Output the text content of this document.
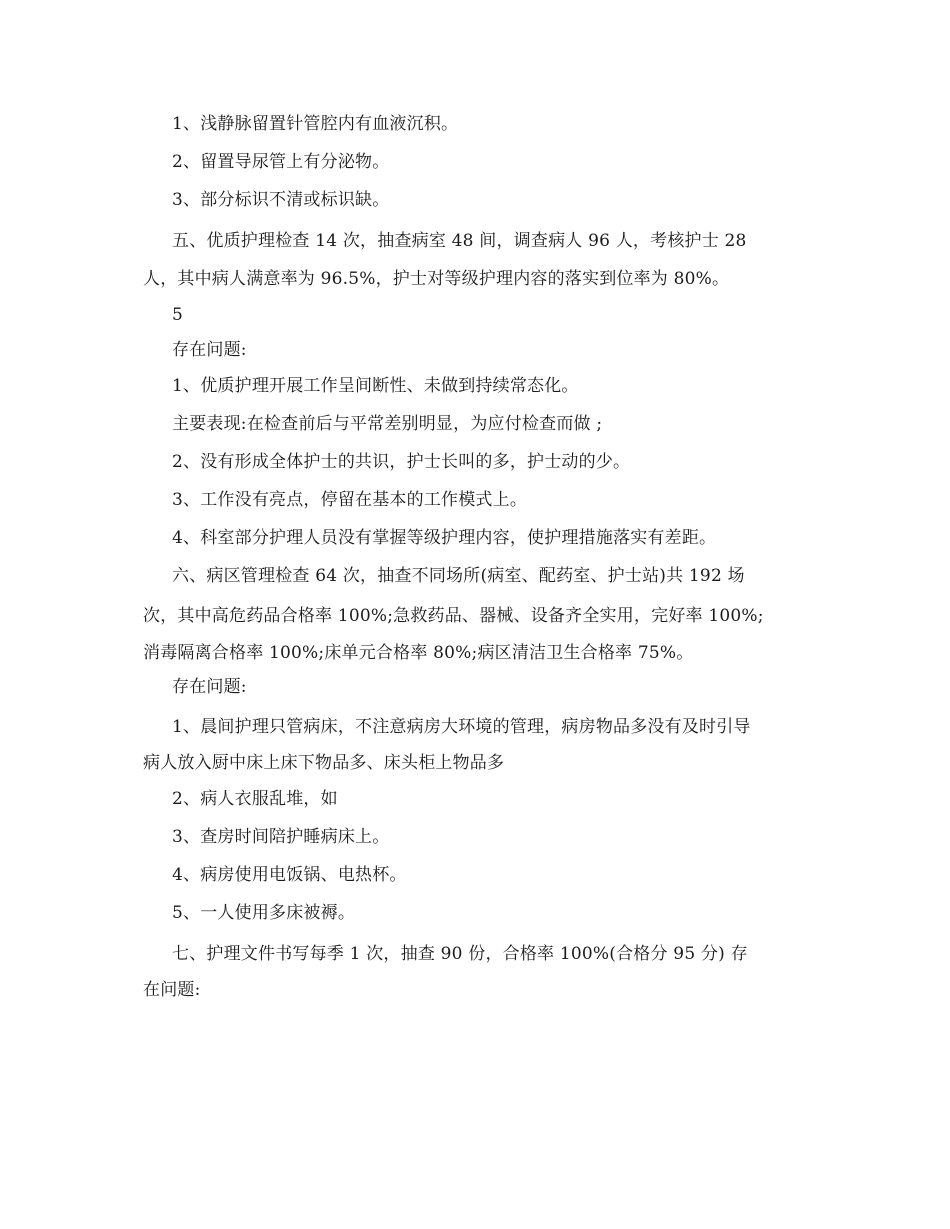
1、浅静脉留置针管腔内有血液沉积。
2、留置导尿管上有分泌物。
3、部分标识不清或标识缺。
五、优质护理检查 14 次，抽查病室 48 间，调查病人 96 人，考核护士 28
人，其中病人满意率为 96.5%，护士对等级护理内容的落实到位率为 80%。
5
存在问题:
1、优质护理开展工作呈间断性、未做到持续常态化。
主要表现:在检查前后与平常差别明显，为应付检查而做 ;
2、没有形成全体护士的共识，护士长叫的多，护士动的少。
3、工作没有亮点，停留在基本的工作模式上。
4、科室部分护理人员没有掌握等级护理内容，使护理措施落实有差距。
六、病区管理检查 64 次，抽查不同场所(病室、配药室、护士站)共 192 场
次，其中高危药品合格率 100%;急救药品、器械、设备齐全实用，完好率 100%;
消毒隔离合格率 100%;床单元合格率 80%;病区清洁卫生合格率 75%。
存在问题:
1、晨间护理只管病床，不注意病房大环境的管理，病房物品多没有及时引导
病人放入厨中床上床下物品多、床头柜上物品多
2、病人衣服乱堆，如
3、查房时间陪护睡病床上。
4、病房使用电饭锅、电热杯。
5、一人使用多床被褥。
七、护理文件书写每季 1 次，抽查 90 份，合格率 100%(合格分 95 分) 存
在问题:
